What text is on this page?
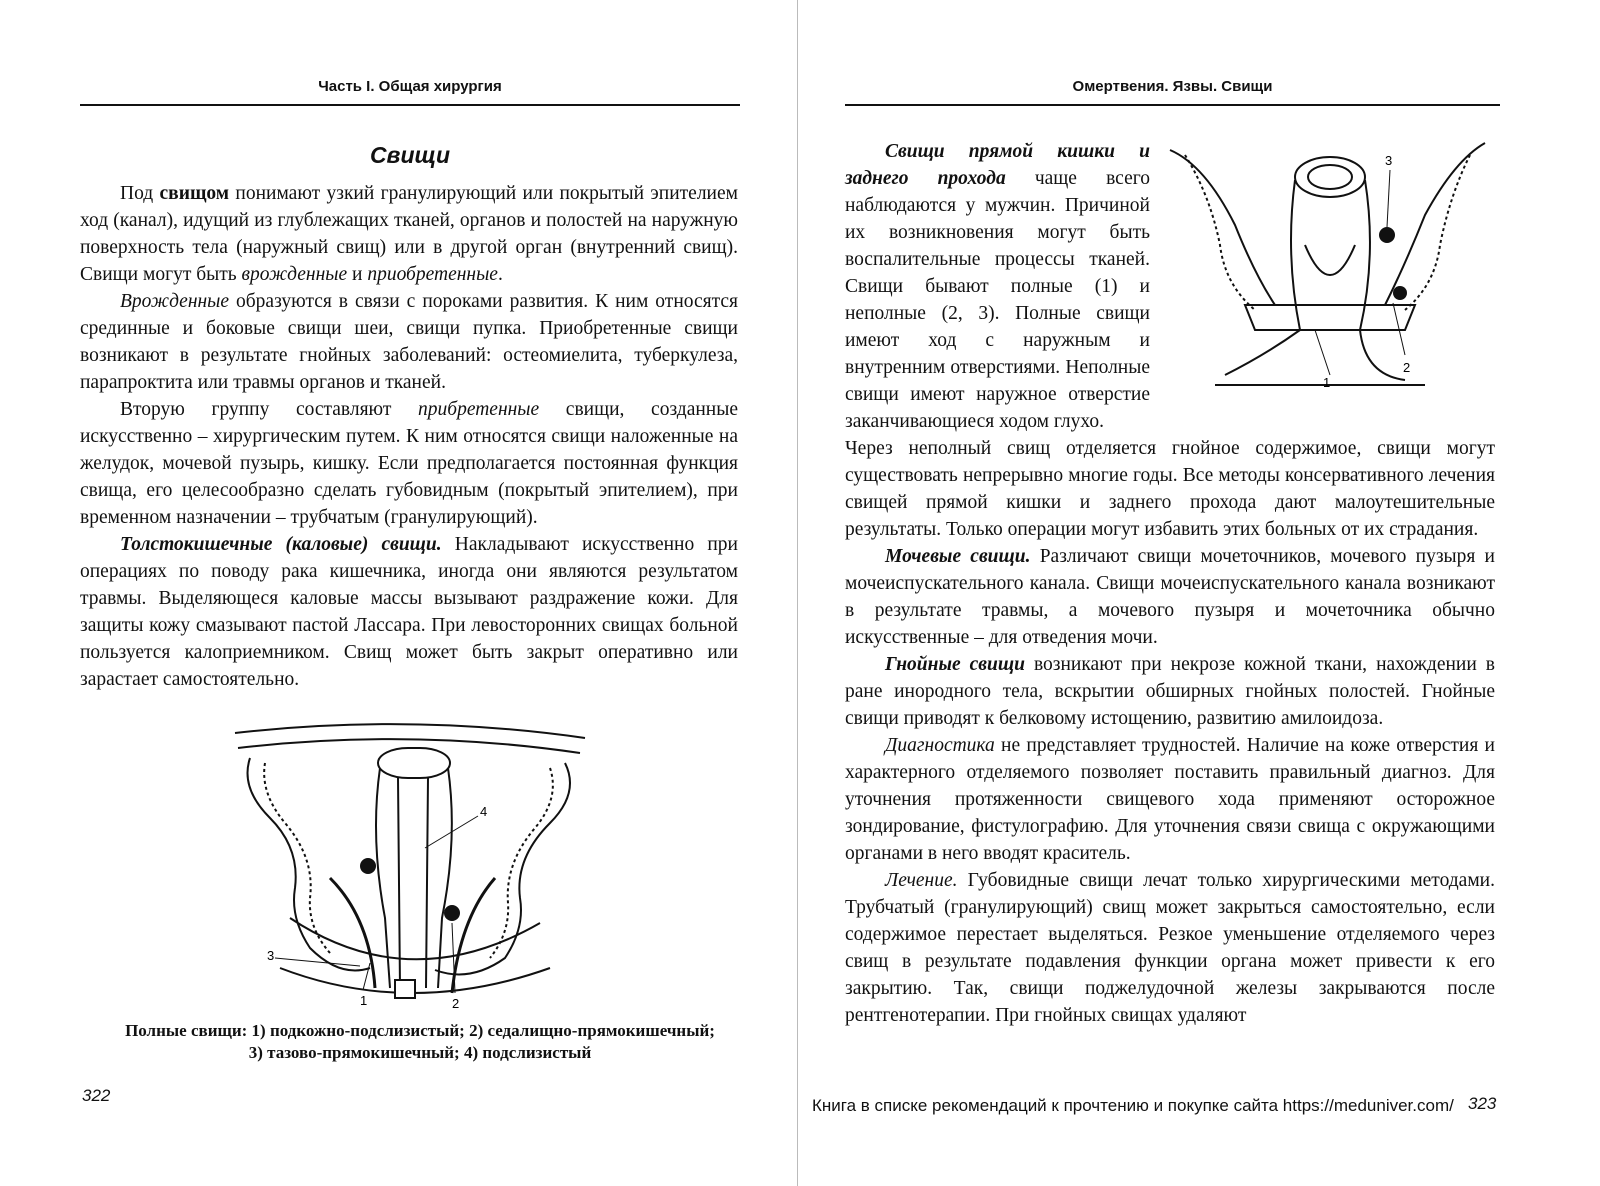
Часть I. Общая хирургия
Свищи

Под свищом понимают узкий гранулирующий или покрытый эпителием ход (канал), идущий из глублежащих тканей, органов и полостей на наружную поверхность тела (наружный свищ) или в другой орган (внутренний свищ). Свищи могут быть врожденные и приобретенные.

Врожденные образуются в связи с пороками развития. К ним относятся срединные и боковые свищи шеи, свищи пупка. Приобретенные свищи возникают в результате гнойных заболеваний: остеомиелита, туберкулеза, парапроктита или травмы органов и тканей.

Вторую группу составляют прибретенные свищи, созданные искусственно – хирургическим путем. К ним относятся свищи наложенные на желудок, мочевой пузырь, кишку. Если предполагается постоянная функция свища, его целесообразно сделать губовидным (покрытый эпителием), при временном назначении – трубчатым (гранулирующий).

Толстокишечные (каловые) свищи. Накладывают искусственно при операциях по поводу рака кишечника, иногда они являются результатом травмы. Выделяющеся каловые массы вызывают раздражение кожи. Для защиты кожу смазывают пастой Лассара. При левосторонних свищах больной пользуется калоприемником. Свищ может быть закрыт оперативно или зарастает самостоятельно.

3
1	2
4
Полные свищи: 1) подкожно-подслизистый; 2) седалищно-прямокишечный;
3) тазово-прямокишечный; 4) подслизистый
322
Омертвения. Язвы. Свищи

Свищи прямой кишки и заднего прохода чаще всего наблюдаются у мужчин. Причиной их возникновения могут быть воспалительные процессы тканей. Свищи бывают полные (1) и неполные (2, 3). Полные свищи имеют ход с наружным и внутренним отверстиями. Неполные свищи имеют наружное отверстие заканчивающиеся ходом глухо.

1
2
3

Через неполный свищ отделяется гнойное содержимое, свищи могут существовать непрерывно многие годы. Все методы консервативного лечения свищей прямой кишки и заднего прохода дают малоутешительные результаты. Только операции могут избавить этих больных от их страдания.

Мочевые свищи. Различают свищи мочеточников, мочевого пузыря и мочеиспускательного канала. Свищи мочеиспускательного канала возникают в результате травмы, а мочевого пузыря и мочеточника обычно искусственные – для отведения мочи.

Гнойные свищи возникают при некрозе кожной ткани, нахождении в ране инородного тела, вскрытии обширных гнойных полостей. Гнойные свищи приводят к белковому истощению, развитию амилоидоза.

Диагностика не представляет трудностей. Наличие на коже отверстия и характерного отделяемого позволяет поставить правильный диагноз. Для уточнения протяженности свищевого хода применяют осторожное зондирование, фистулографию. Для уточнения связи свища с окружающими органами в него вводят краситель.

Лечение. Губовидные свищи лечат только хирургическими методами. Трубчатый (гранулирующий) свищ может закрыться самостоятельно, если содержимое перестает выделяться. Резкое уменьшение отделяемого через свищ в результате подавления функции органа может привести к его закрытию. Так, свищи поджелудочной железы закрываются после рентгенотерапии. При гнойных свищах удаляют

323
Книга в списке рекомендаций к прочтению и покупке сайта https://meduniver.com/
